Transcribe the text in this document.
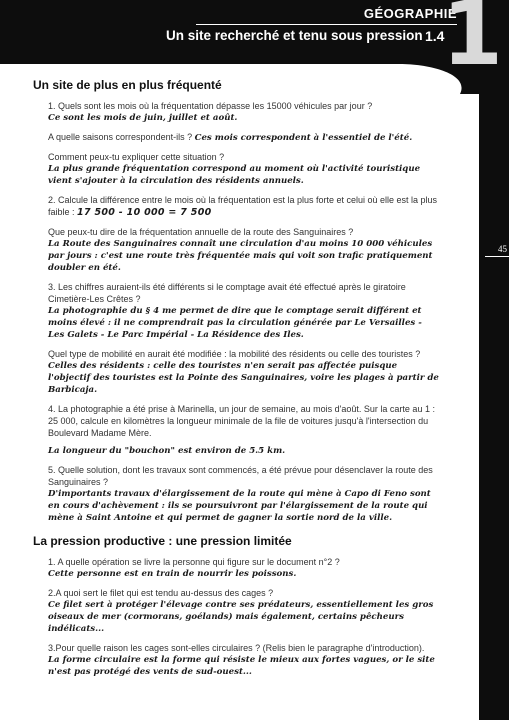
GÉOGRAPHIE
Un site recherché et tenu sous pression 1.4
1
45
Un site de plus en plus fréquenté

1. Quels sont les mois où la fréquentation dépasse les 15000 véhicules par jour ?

Ce sont les mois de juin, juillet et août.

A quelle saisons correspondent-ils ? Ces mois correspondent à l'essentiel de l'été.

Comment peux-tu expliquer cette situation ?

La plus grande fréquentation correspond au moment où l'activité touristique vient s'ajouter à la circulation des résidents annuels.

2. Calcule la différence entre le mois où la fréquentation est la plus forte et celui où elle est la plus faible : 17 500 - 10 000 = 7 500

Que peux-tu dire de la fréquentation annuelle de la route des Sanguinaires ?

La Route des Sanguinaires connaît une circulation d'au moins 10 000 véhicules par jours : c'est une route très fréquentée mais qui voit son trafic pratiquement doubler en été.

3. Les chiffres auraient-ils été différents si le comptage avait été effectué après le giratoire Cimetière-Les Crêtes ?

La photographie du § 4 me permet de dire que le comptage serait différent et moins élevé : il ne comprendrait pas la circulation générée par Le Versailles - Les Galets - Le Parc Impérial - La Résidence des Iles.

Quel type de mobilité en aurait été modifiée : la mobilité des résidents ou celle des touristes ?

Celles des résidents : celle des touristes n'en serait pas affectée puisque l'objectif des touristes est la Pointe des Sanguinaires, voire les plages à partir de Barbicaja.

4. La photographie a été prise à Marinella, un jour de semaine, au mois d'août. Sur la carte au 1 : 25 000, calcule en kilomètres la longueur minimale de la file de voitures jusqu'à l'intersection du Boulevard Madame Mère.

La longueur du "bouchon" est environ de 5.5 km.

5. Quelle solution, dont les travaux sont commencés, a été prévue pour désenclaver la route des Sanguinaires ?

D'importants travaux d'élargissement de la route qui mène à Capo di Feno sont en cours d'achèvement : ils se poursuivront par l'élargissement de la route qui mène à Saint Antoine et qui permet de gagner la sortie nord de la ville.

La pression productive : une pression limitée

1. A quelle opération se livre la personne qui figure sur le document n°2 ?

Cette personne est en train de nourrir les poissons.

2.A quoi sert le filet qui est tendu au-dessus des cages ?

Ce filet sert à protéger l'élevage contre ses prédateurs, essentiellement les gros oiseaux de mer (cormorans, goélands) mais également, certains pêcheurs indélicats...

3.Pour quelle raison les cages sont-elles circulaires ? (Relis bien le paragraphe d'introduction).

La forme circulaire est la forme qui résiste le mieux aux fortes vagues, or le site n'est pas protégé des vents de sud-ouest...
